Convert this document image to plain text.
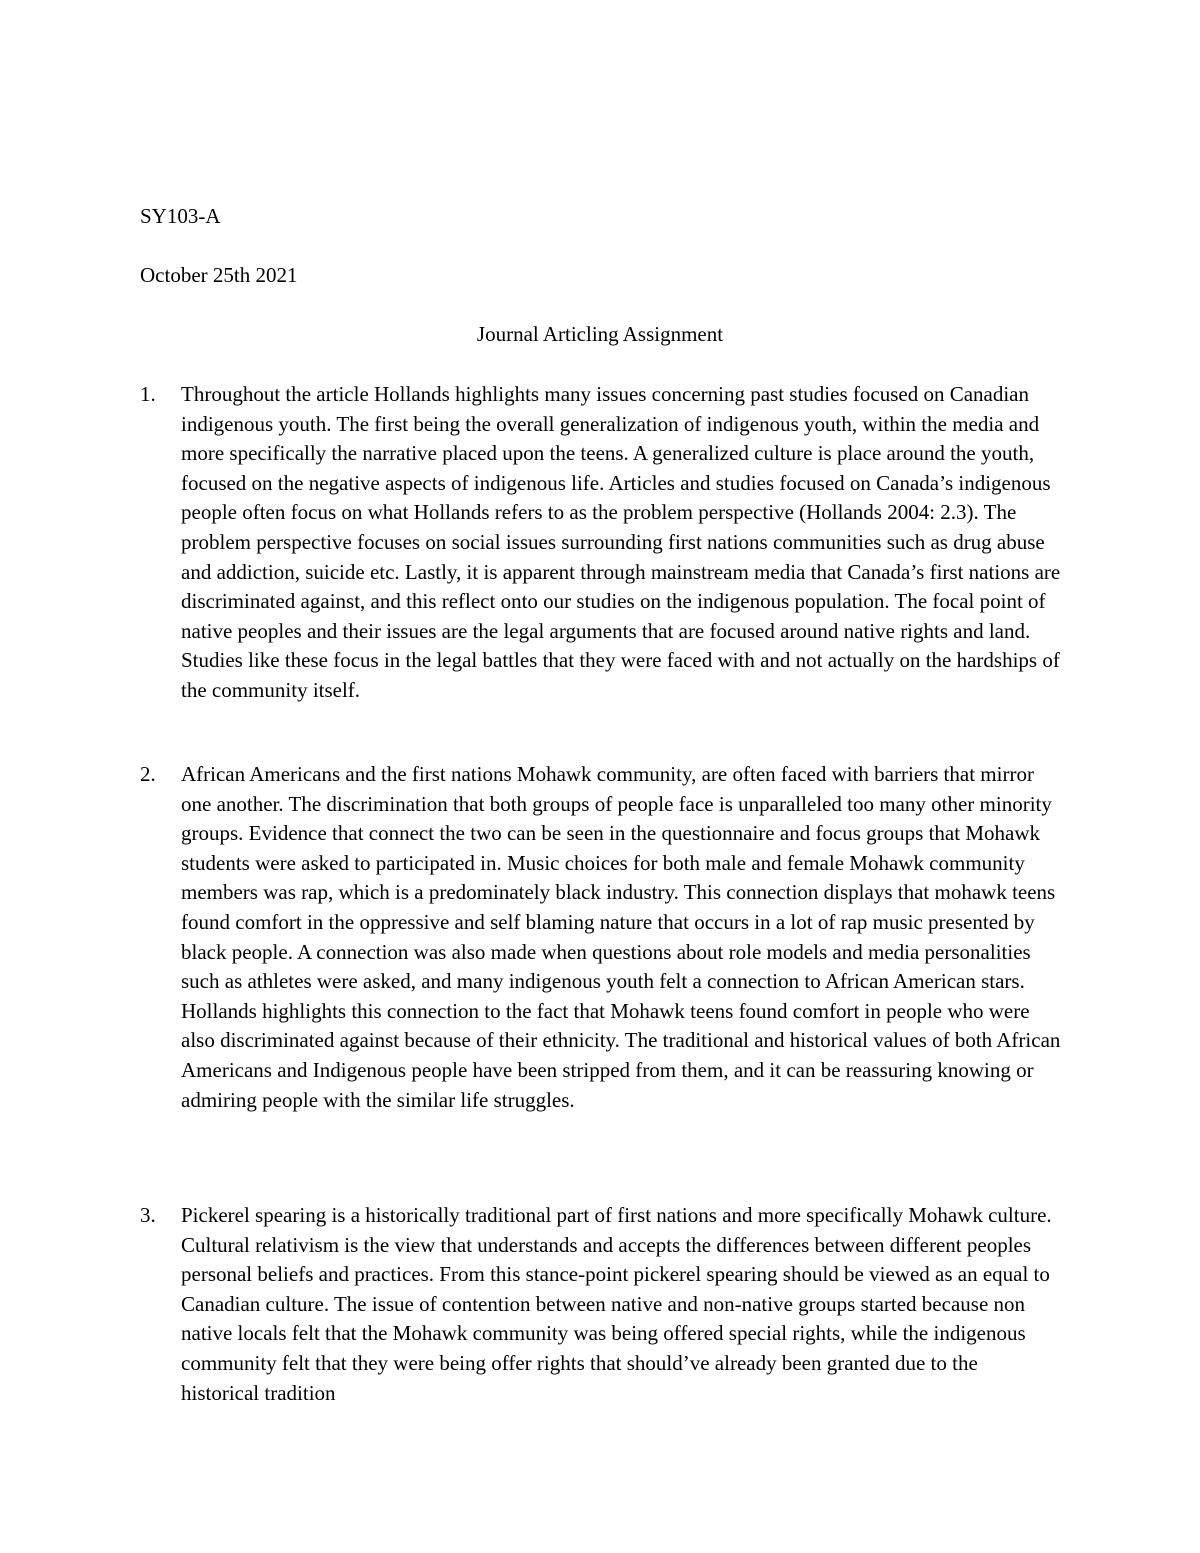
SY103-A

October 25th 2021

Journal Articling Assignment

1. Throughout the article Hollands highlights many issues concerning past studies focused on Canadian indigenous youth. The first being the overall generalization of indigenous youth, within the media and more specifically the narrative placed upon the teens. A generalized culture is place around the youth, focused on the negative aspects of indigenous life. Articles and studies focused on Canada’s indigenous people often focus on what Hollands refers to as the problem perspective (Hollands 2004: 2.3). The problem perspective focuses on social issues surrounding first nations communities such as drug abuse and addiction, suicide etc. Lastly, it is apparent through mainstream media that Canada’s first nations are discriminated against, and this reflect onto our studies on the indigenous population. The focal point of native peoples and their issues are the legal arguments that are focused around native rights and land. Studies like these focus in the legal battles that they were faced with and not actually on the hardships of the community itself.

2. African Americans and the first nations Mohawk community, are often faced with barriers that mirror one another. The discrimination that both groups of people face is unparalleled too many other minority groups. Evidence that connect the two can be seen in the questionnaire and focus groups that Mohawk students were asked to participated in. Music choices for both male and female Mohawk community members was rap, which is a predominately black industry. This connection displays that mohawk teens found comfort in the oppressive and self blaming nature that occurs in a lot of rap music presented by black people. A connection was also made when questions about role models and media personalities such as athletes were asked, and many indigenous youth felt a connection to African American stars. Hollands highlights this connection to the fact that Mohawk teens found comfort in people who were also discriminated against because of their ethnicity. The traditional and historical values of both African Americans and Indigenous people have been stripped from them, and it can be reassuring knowing or admiring people with the similar life struggles.

3. Pickerel spearing is a historically traditional part of first nations and more specifically Mohawk culture. Cultural relativism is the view that understands and accepts the differences between different peoples personal beliefs and practices. From this stance-point pickerel spearing should be viewed as an equal to Canadian culture. The issue of contention between native and non-native groups started because non native locals felt that the Mohawk community was being offered special rights, while the indigenous community felt that they were being offer rights that should’ve already been granted due to the historical tradition
